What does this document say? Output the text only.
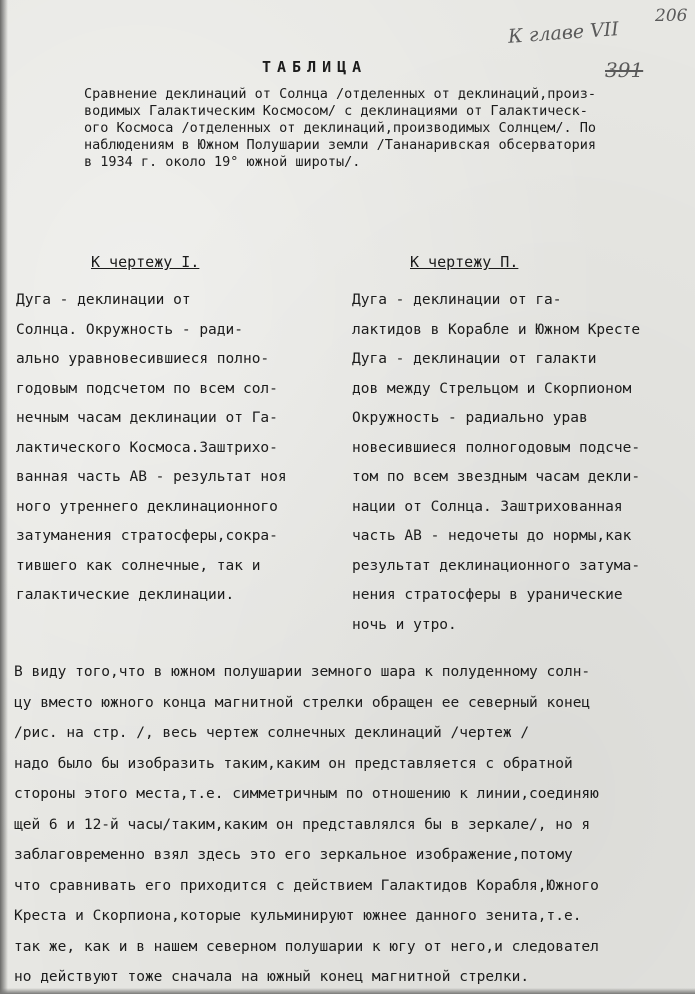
К главе VII
206
391
ТАБЛИЦА
Сравнение деклинаций от Солнца /отделенных от деклинаций,произ-
водимых Галактическим Космосом/ с деклинациями от Галактическ-
ого Космоса /отделенных от деклинаций,производимых Солнцем/. По
наблюдениям в Южном Полушарии земли /Тананаривская обсерватория
в 1934 г. около 19° южной широты/.
К чертежу I.	К чертежу П.
Дуга - деклинации от
Солнца. Окружность - ради-
ально уравновесившиеся полно-
годовым подсчетом по всем сол-
нечным часам деклинации от Га-
лактического Космоса.Заштрихо-
ванная часть АВ - результат ноя
ного утреннего деклинационного
затуманения стратосферы,сокра-
тившего как солнечные, так и
галактические деклинации.
Дуга - деклинации от га-
лактидов в Корабле и Южном Кресте
Дуга - деклинации от галакти
дов между Стрельцом и Скорпионом
Окружность - радиально урав
новесившиеся полногодовым подсче-
том по всем звездным часам декли-
нации от Солнца. Заштрихованная
часть АВ - недочеты до нормы,как
результат деклинационного затума-
нения стратосферы в уранические
ночь и утро.
В виду того,что в южном полушарии земного шара к полуденному солн-
цу вместо южного конца магнитной стрелки обращен ее северный конец
/рис. на стр. /, весь чертеж солнечных деклинаций /чертеж /
надо было бы изобразить таким,каким он представляется с обратной
стороны этого места,т.е. симметричным по отношению к линии,соединяю
щей 6 и 12-й часы/таким,каким он представлялся бы в зеркале/, но я
заблаговременно взял здесь это его зеркальное изображение,потому
что сравнивать его приходится с действием Галактидов Корабля,Южного
Креста и Скорпиона,которые кульминируют южнее данного зенита,т.е.
так же, как и в нашем северном полушарии к югу от него,и следовател
но действуют тоже сначала на южный конец магнитной стрелки.
